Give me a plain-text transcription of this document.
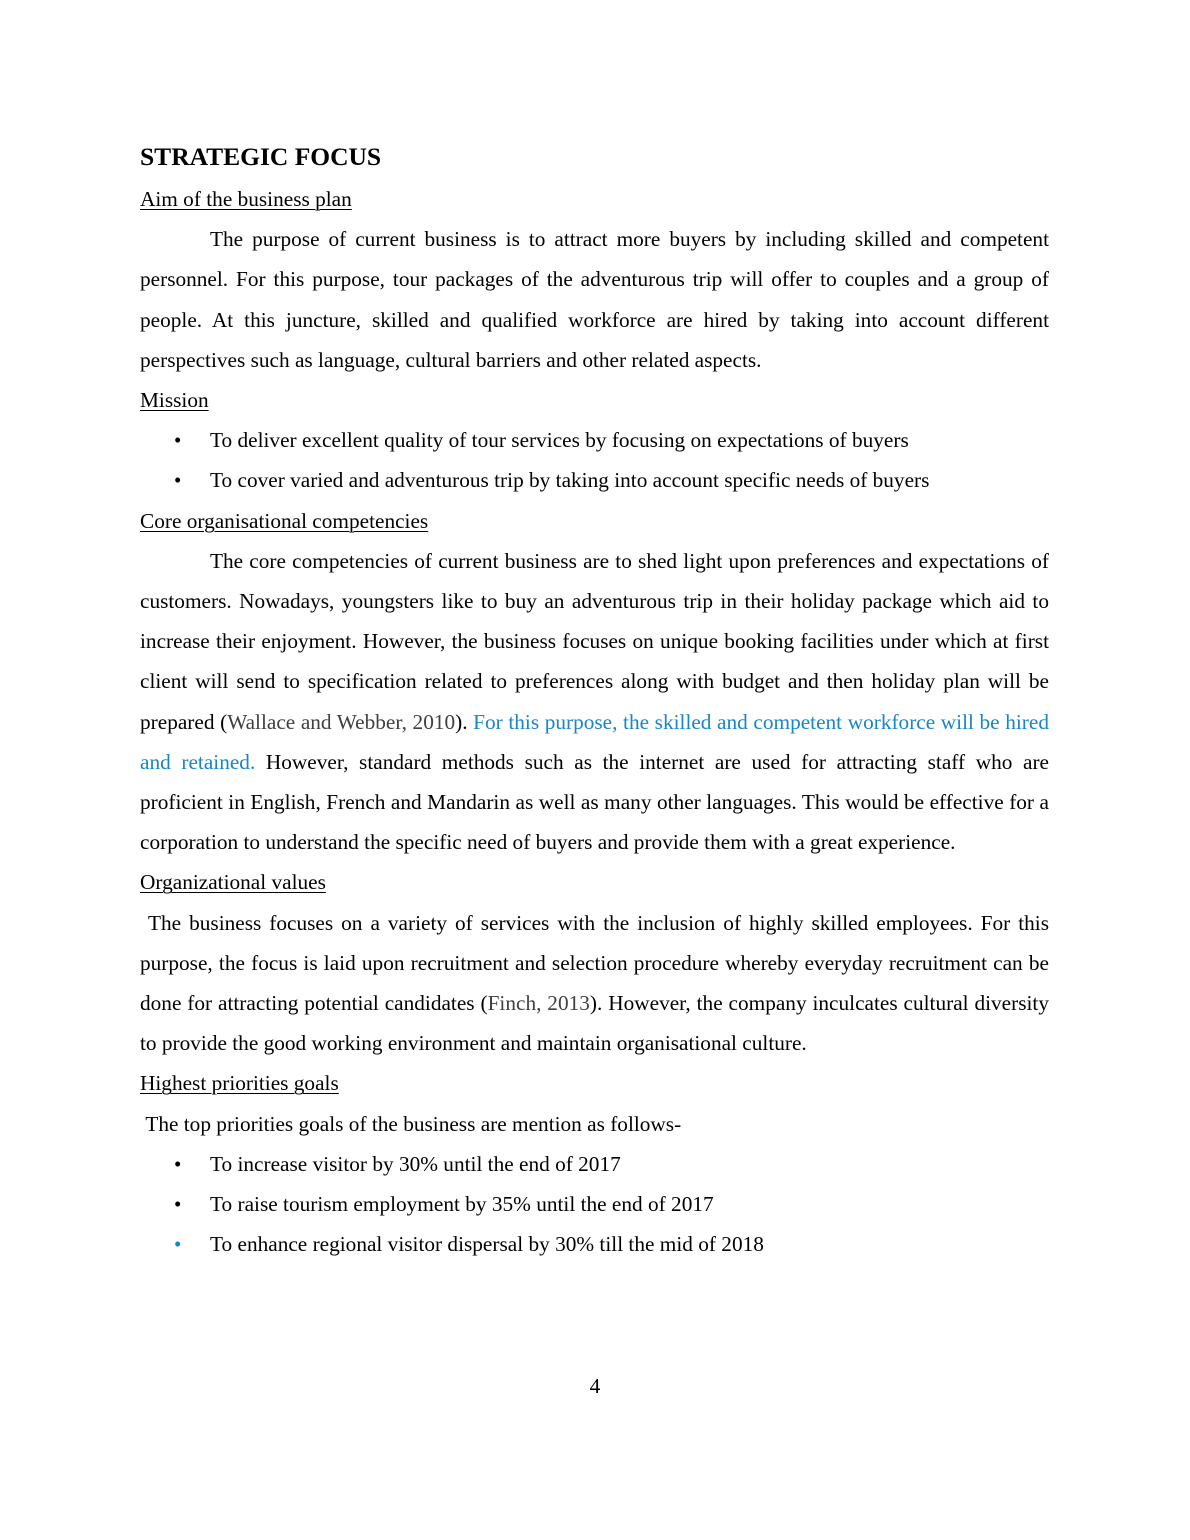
STRATEGIC FOCUS

Aim of the business plan

The purpose of current business is to attract more buyers by including skilled and competent personnel. For this purpose, tour packages of the adventurous trip will offer to couples and a group of people. At this juncture, skilled and qualified workforce are hired by taking into account different perspectives such as language, cultural barriers and other related aspects.

Mission

• To deliver excellent quality of tour services by focusing on expectations of buyers
• To cover varied and adventurous trip by taking into account specific needs of buyers

Core organisational competencies

The core competencies of current business are to shed light upon preferences and expectations of customers. Nowadays, youngsters like to buy an adventurous trip in their holiday package which aid to increase their enjoyment. However, the business focuses on unique booking facilities under which at first client will send to specification related to preferences along with budget and then holiday plan will be prepared (Wallace and Webber, 2010). For this purpose, the skilled and competent workforce will be hired and retained. However, standard methods such as the internet are used for attracting staff who are proficient in English, French and Mandarin as well as many other languages. This would be effective for a corporation to understand the specific need of buyers and provide them with a great experience.

Organizational values

The business focuses on a variety of services with the inclusion of highly skilled employees. For this purpose, the focus is laid upon recruitment and selection procedure whereby everyday recruitment can be done for attracting potential candidates (Finch, 2013). However, the company inculcates cultural diversity to provide the good working environment and maintain organisational culture.

Highest priorities goals

The top priorities goals of the business are mention as follows-

• To increase visitor by 30% until the end of 2017
• To raise tourism employment by 35% until the end of 2017
• To enhance regional visitor dispersal by 30% till the mid of 2018
4
